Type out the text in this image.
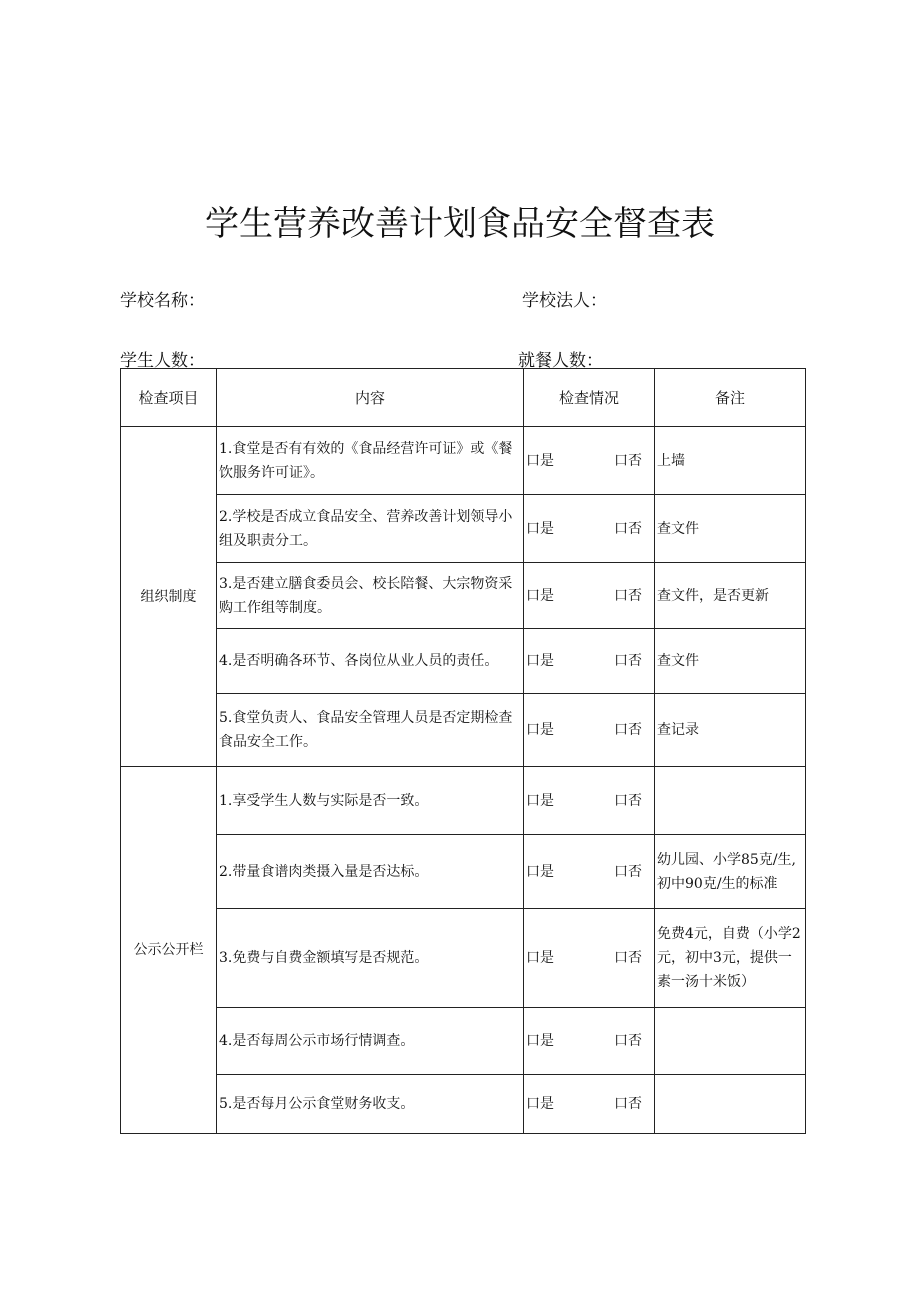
学生营养改善计划食品安全督查表
学校名称：	学校法人：
学生人数：	就餐人数：
检查项目	内容	检查情况	备注
组织制度	1.食堂是否有有效的《食品经营许可证》或《餐饮服务许可证》。	口是 口否	上墙
	2.学校是否成立食品安全、营养改善计划领导小组及职责分工。	口是 口否	查文件
	3.是否建立膳食委员会、校长陪餐、大宗物资采购工作组等制度。	口是 口否	查文件，是否更新
	4.是否明确各环节、各岗位从业人员的责任。	口是 口否	查文件
	5.食堂负责人、食品安全管理人员是否定期检查食品安全工作。	口是 口否	查记录
公示公开栏	1.享受学生人数与实际是否一致。	口是 口否	

	2.带量食谱肉类摄入量是否达标。	口是 口否	幼儿园、小学85克/生,初中90克/生的标准
	3.免费与自费金额填写是否规范。	口是 口否	免费4元，自费（小学2元，初中3元，提供一素一汤十米饭）
	4.是否每周公示市场行情调查。	口是 口否	

	5.是否每月公示食堂财务收支。	口是 口否	
